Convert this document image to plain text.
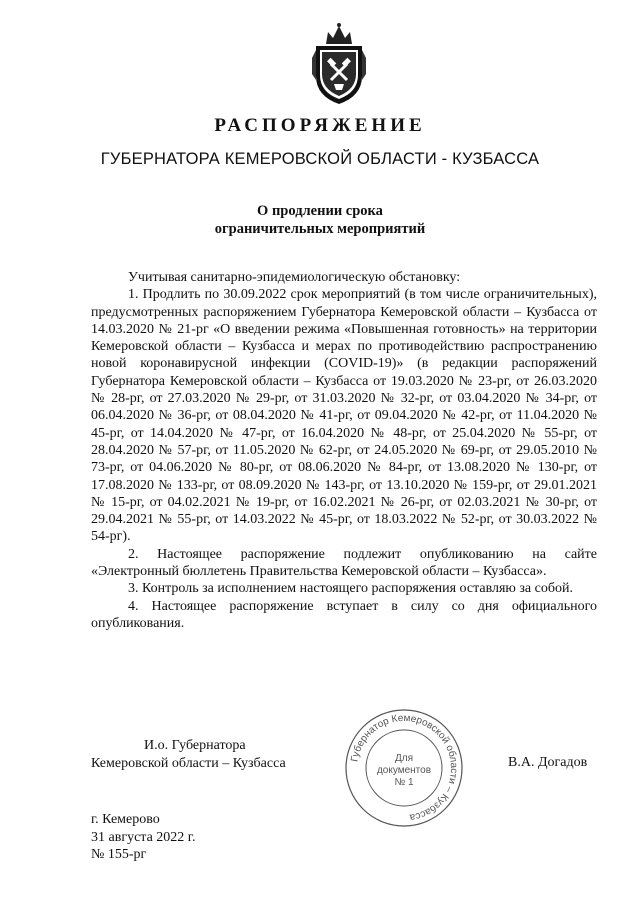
РАСПОРЯЖЕНИЕ
ГУБЕРНАТОРА КЕМЕРОВСКОЙ ОБЛАСТИ - КУЗБАССА
О продлении срока
ограничительных мероприятий

Учитывая санитарно-эпидемиологическую обстановку:

1. Продлить по 30.09.2022 срок мероприятий (в том числе ограничительных), предусмотренных распоряжением Губернатора Кемеровской области – Кузбасса от 14.03.2020 № 21-рг «О введении режима «Повышенная готовность» на территории Кемеровской области – Кузбасса и мерах по противодействию распространению новой коронавирусной инфекции (COVID-19)» (в редакции распоряжений Губернатора Кемеровской области – Кузбасса от 19.03.2020 № 23-рг, от 26.03.2020 № 28-рг, от 27.03.2020 № 29-рг, от 31.03.2020 № 32-рг, от 03.04.2020 № 34-рг, от 06.04.2020 № 36-рг, от 08.04.2020 № 41-рг, от 09.04.2020 № 42-рг, от 11.04.2020 № 45-рг, от 14.04.2020 № 47-рг, от 16.04.2020 № 48-рг, от 25.04.2020 № 55-рг, от 28.04.2020 № 57-рг, от 11.05.2020 № 62-рг, от 24.05.2020 № 69-рг, от 29.05.2010 № 73-рг, от 04.06.2020 № 80-рг, от 08.06.2020 № 84-рг, от 13.08.2020 № 130-рг, от 17.08.2020 № 133-рг, от 08.09.2020 № 143-рг, от 13.10.2020 № 159-рг, от 29.01.2021 № 15-рг, от 04.02.2021 № 19-рг, от 16.02.2021 № 26-рг, от 02.03.2021 № 30-рг, от 29.04.2021 № 55-рг, от 14.03.2022 № 45-рг, от 18.03.2022 № 52-рг, от 30.03.2022 № 54-рг).

2. Настоящее распоряжение подлежит опубликованию на сайте «Электронный бюллетень Правительства Кемеровской области – Кузбасса».

3. Контроль за исполнением настоящего распоряжения оставляю за собой.

4. Настоящее распоряжение вступает в силу со дня официального опубликования.

И.о. Губернатора
Кемеровской области – Кузбасса	Губернатор Кемеровской области – Кузбасса
Для
документов
№ 1
В.А. Догадов
г. Кемерово
31 августа 2022 г.
№ 155-рг
